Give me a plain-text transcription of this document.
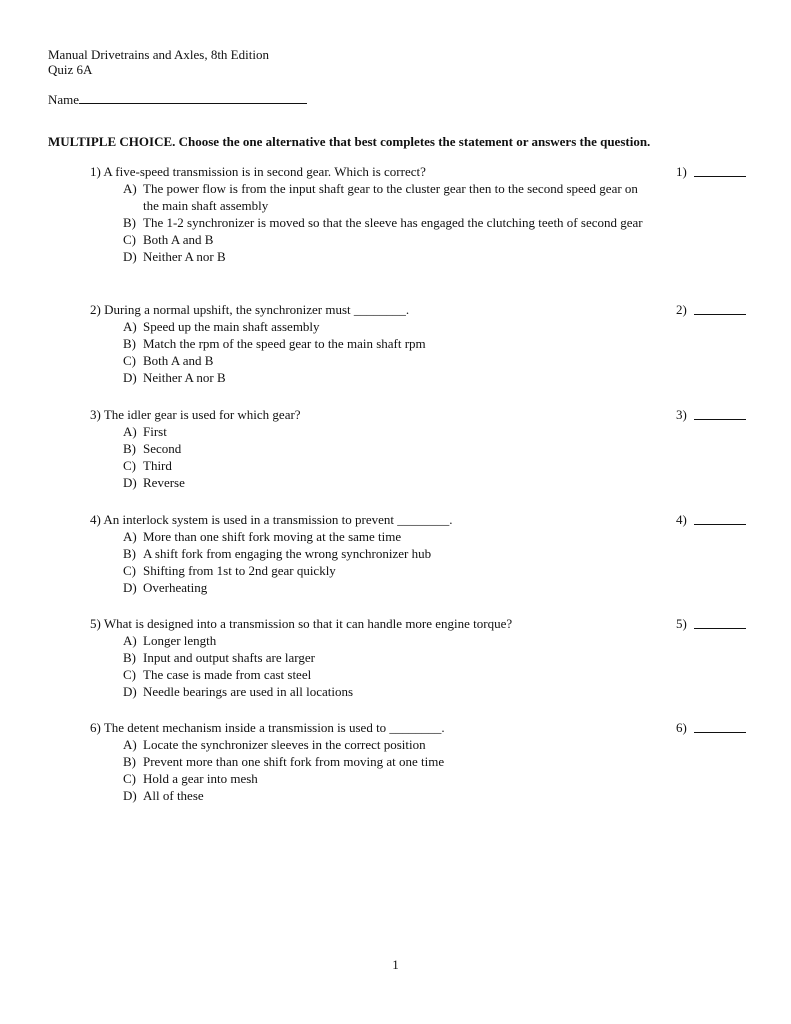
Manual Drivetrains and Axles, 8th Edition
Quiz 6A
Name
MULTIPLE CHOICE. Choose the one alternative that best completes the statement or answers the question.
1) A five-speed transmission is in second gear. Which is correct?	1)
A) The power flow is from the input shaft gear to the cluster gear then to the second speed gear on the main shaft assembly
B) The 1-2 synchronizer is moved so that the sleeve has engaged the clutching teeth of second gear
C) Both A and B
D) Neither A nor B
2) During a normal upshift, the synchronizer must ________.	2)
A) Speed up the main shaft assembly
B) Match the rpm of the speed gear to the main shaft rpm
C) Both A and B
D) Neither A nor B
3) The idler gear is used for which gear?	3)
A) First
B) Second
C) Third
D) Reverse
4) An interlock system is used in a transmission to prevent ________.	4)
A) More than one shift fork moving at the same time
B) A shift fork from engaging the wrong synchronizer hub
C) Shifting from 1st to 2nd gear quickly
D) Overheating
5) What is designed into a transmission so that it can handle more engine torque?	5)
A) Longer length
B) Input and output shafts are larger
C) The case is made from cast steel
D) Needle bearings are used in all locations
6) The detent mechanism inside a transmission is used to ________.	6)
A) Locate the synchronizer sleeves in the correct position
B) Prevent more than one shift fork from moving at one time
C) Hold a gear into mesh
D) All of these
1
